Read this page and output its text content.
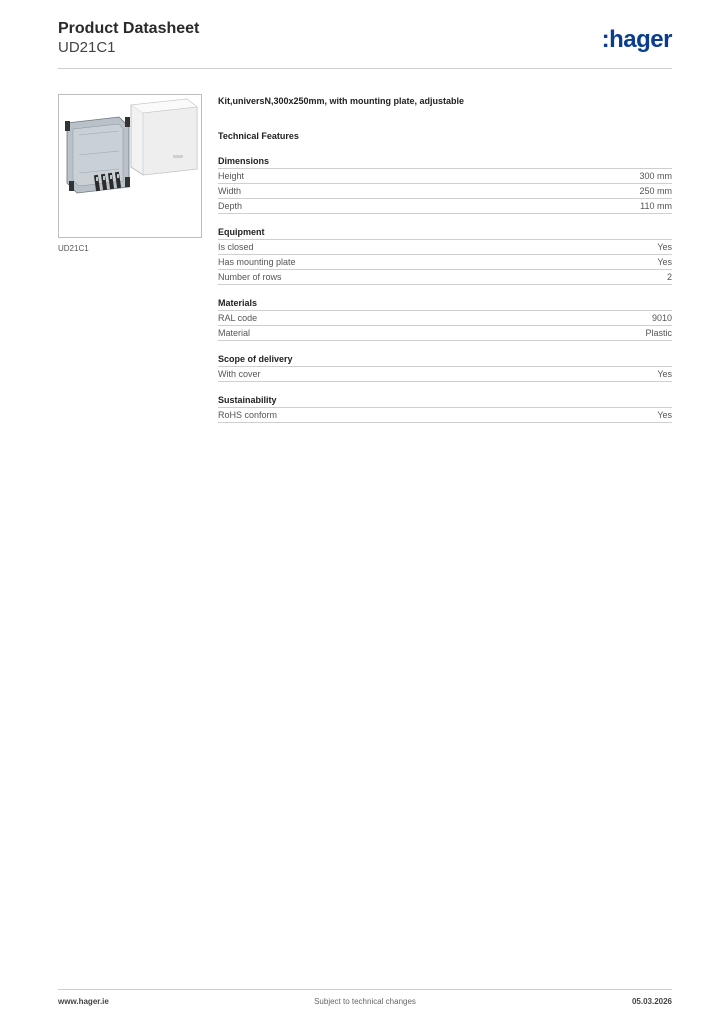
Product Datasheet
UD21C1	:hager
UD21C1
Kit,universN,300x250mm, with mounting plate, adjustable
Technical Features
Dimensions
Height	300 mm
Width	250 mm
Depth	110 mm
Equipment
Is closed	Yes
Has mounting plate	Yes
Number of rows	2
Materials
RAL code	9010
Material	Plastic
Scope of delivery
With cover	Yes
Sustainability
RoHS conform	Yes
www.hager.ie	Subject to technical changes	05.03.2026
